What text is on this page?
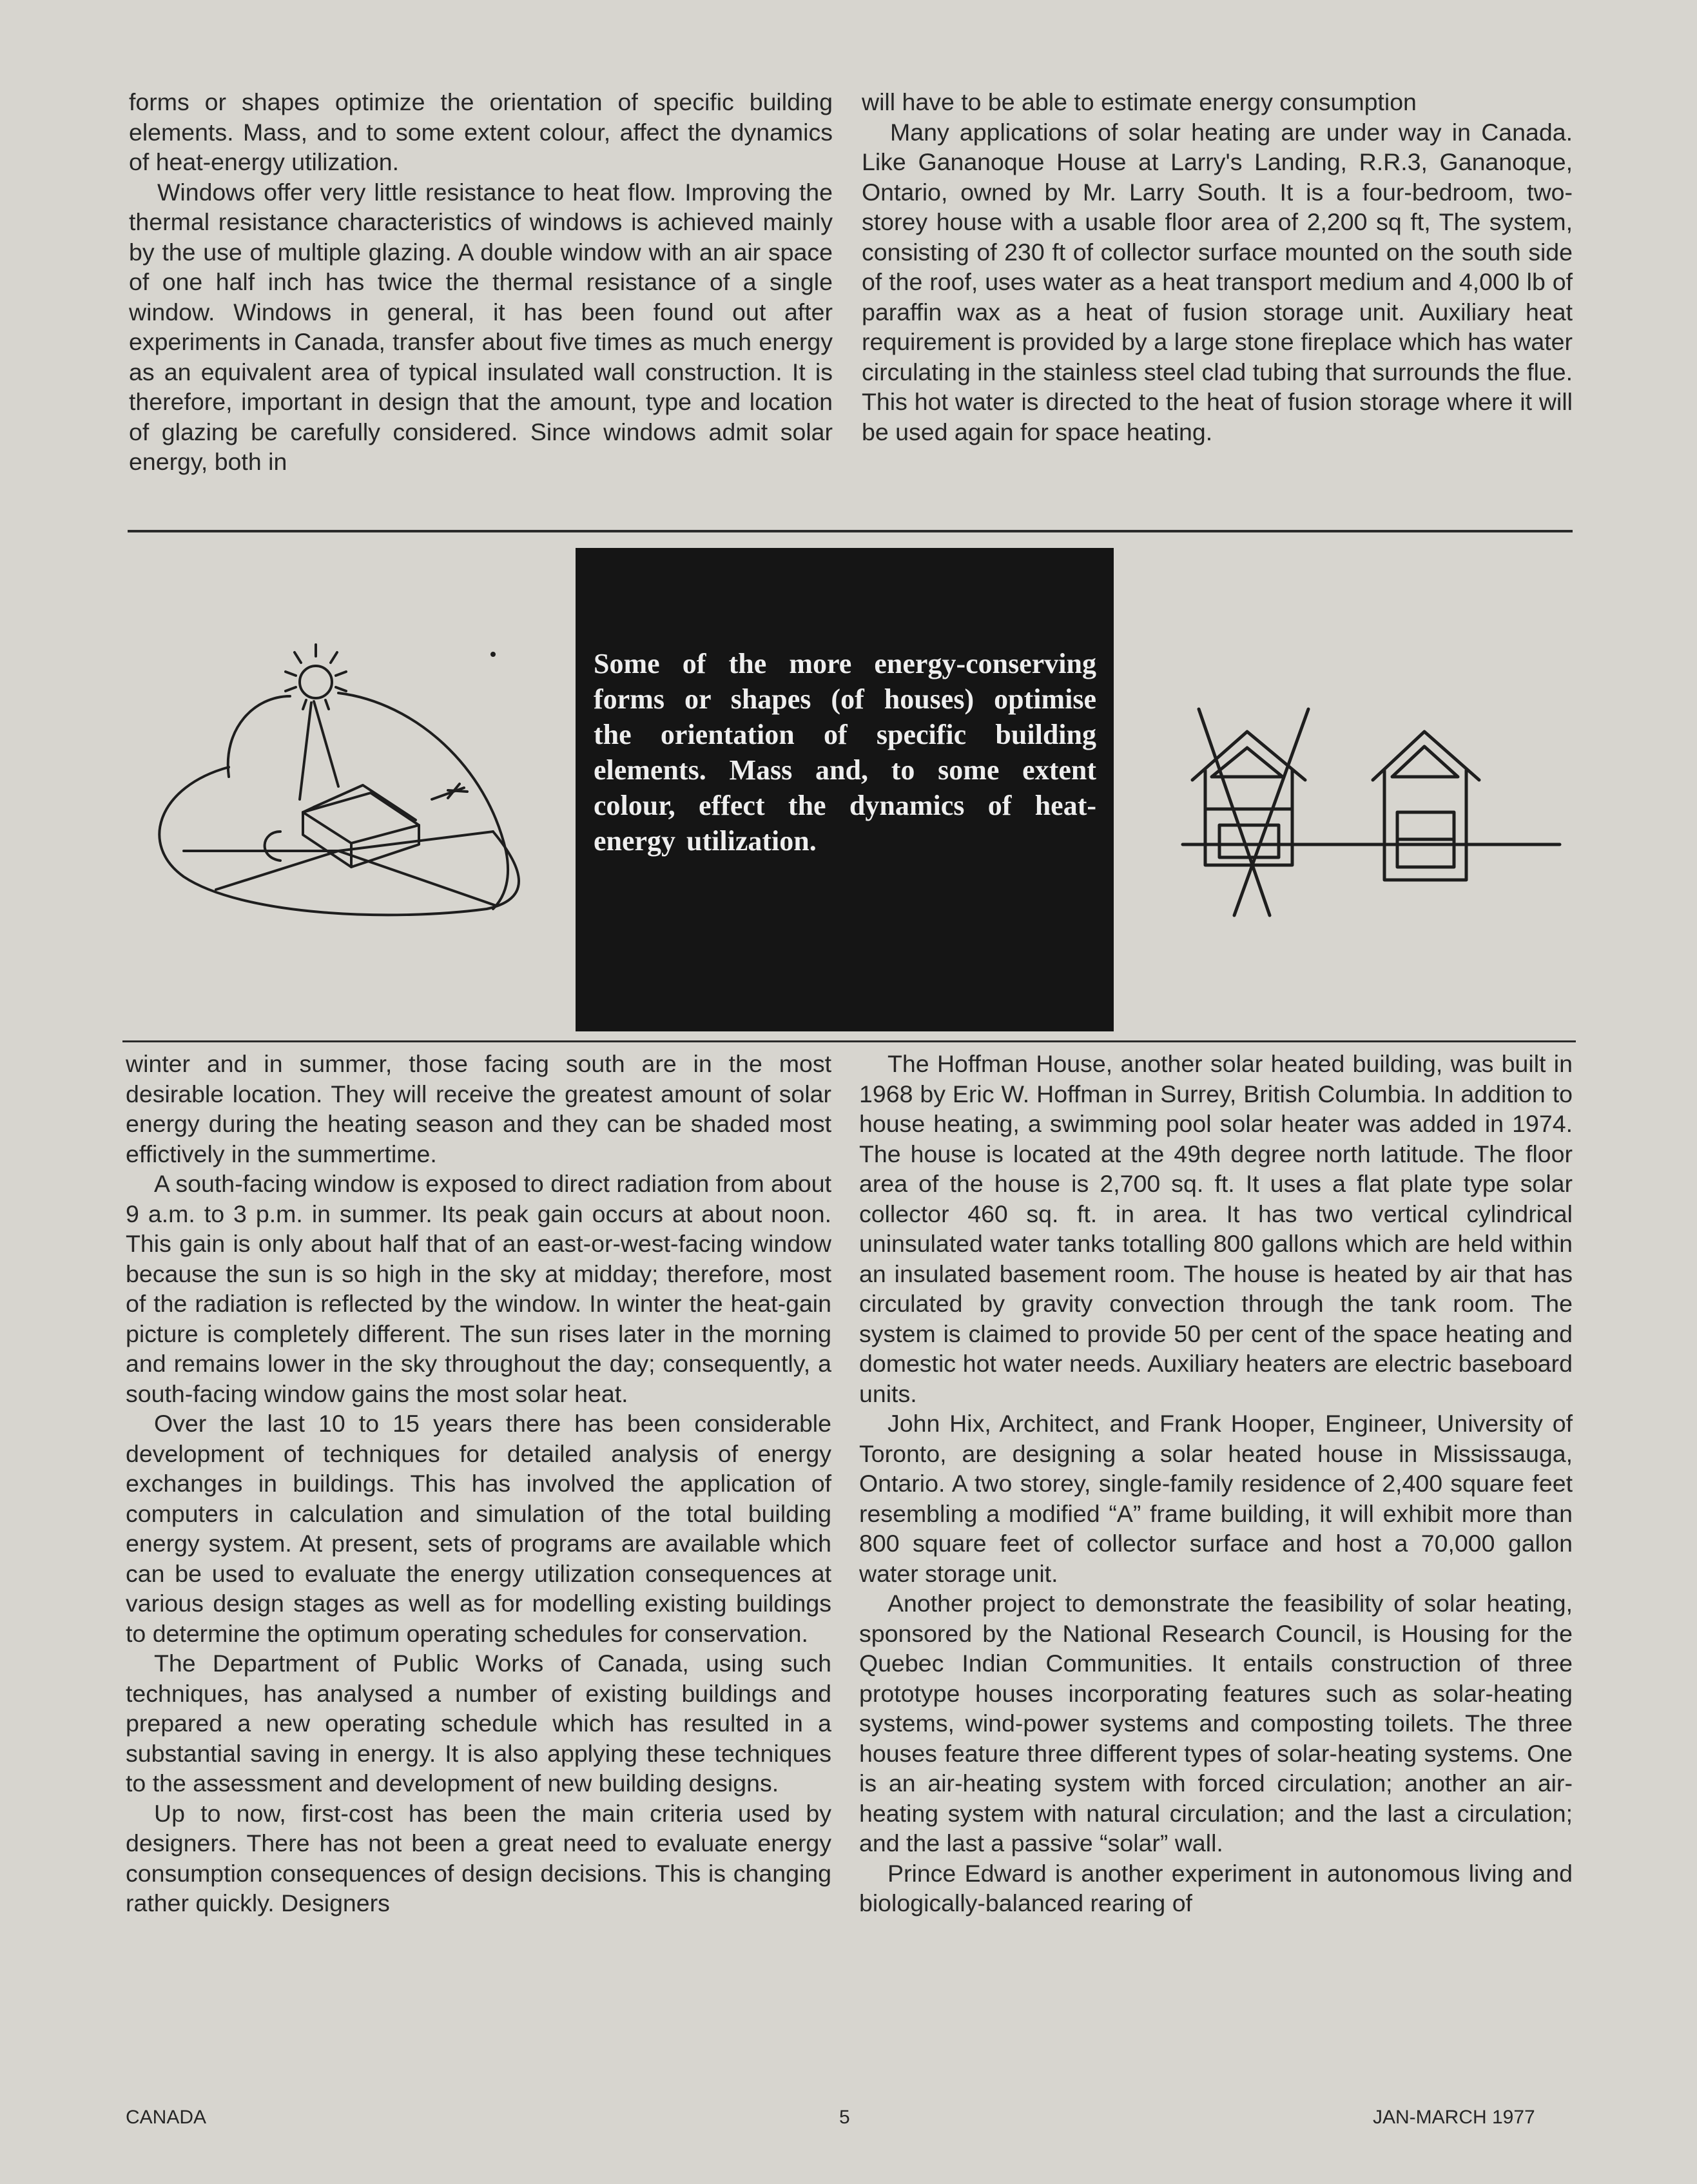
forms or shapes optimize the orientation of specific building elements. Mass, and to some extent colour, affect the dynamics of heat-energy utilization.

Windows offer very little resistance to heat flow. Improving the thermal resistance characteristics of windows is achieved mainly by the use of multiple glazing. A double window with an air space of one half inch has twice the thermal resistance of a single window. Windows in general, it has been found out after experiments in Canada, transfer about five times as much energy as an equivalent area of typical insulated wall construction. It is therefore, important in design that the amount, type and location of glazing be carefully considered. Since windows admit solar energy, both in

will have to be able to estimate energy consumption

Many applications of solar heating are under way in Canada. Like Gananoque House at Larry's Landing, R.R.3, Gananoque, Ontario, owned by Mr. Larry South. It is a four-bedroom, two-storey house with a usable floor area of 2,200 sq ft, The system, consisting of 230 ft of collector surface mounted on the south side of the roof, uses water as a heat transport medium and 4,000 lb of paraffin wax as a heat of fusion storage unit. Auxiliary heat requirement is provided by a large stone fireplace which has water circulating in the stainless steel clad tubing that surrounds the flue. This hot water is directed to the heat of fusion storage where it will be used again for space heating.

Some of the more energy-conserving forms or shapes (of houses) optimise the orientation of specific building elements. Mass and, to some extent colour, effect the dynamics of heat-energy utilization.

winter and in summer, those facing south are in the most desirable location. They will receive the greatest amount of solar energy during the heating season and they can be shaded most effictively in the summertime.

A south-facing window is exposed to direct radiation from about 9 a.m. to 3 p.m. in summer. Its peak gain occurs at about noon. This gain is only about half that of an east-or-west-facing window because the sun is so high in the sky at midday; therefore, most of the radiation is reflected by the window. In winter the heat-gain picture is completely different. The sun rises later in the morning and remains lower in the sky throughout the day; consequently, a south-facing window gains the most solar heat.

Over the last 10 to 15 years there has been considerable development of techniques for detailed analysis of energy exchanges in buildings. This has involved the application of computers in calculation and simulation of the total building energy system. At present, sets of programs are available which can be used to evaluate the energy utilization consequences at various design stages as well as for modelling existing buildings to determine the optimum operating schedules for conservation.

The Department of Public Works of Canada, using such techniques, has analysed a number of existing buildings and prepared a new operating schedule which has resulted in a substantial saving in energy. It is also applying these techniques to the assessment and development of new building designs.

Up to now, first-cost has been the main criteria used by designers. There has not been a great need to evaluate energy consumption consequences of design decisions. This is changing rather quickly. Designers

The Hoffman House, another solar heated building, was built in 1968 by Eric W. Hoffman in Surrey, British Columbia. In addition to house heating, a swimming pool solar heater was added in 1974. The house is located at the 49th degree north latitude. The floor area of the house is 2,700 sq. ft. It uses a flat plate type solar collector 460 sq. ft. in area. It has two vertical cylindrical uninsulated water tanks totalling 800 gallons which are held within an insulated basement room. The house is heated by air that has circulated by gravity convection through the tank room. The system is claimed to provide 50 per cent of the space heating and domestic hot water needs. Auxiliary heaters are electric baseboard units.

John Hix, Architect, and Frank Hooper, Engineer, University of Toronto, are designing a solar heated house in Mississauga, Ontario. A two storey, single-family residence of 2,400 square feet resembling a modified “A” frame building, it will exhibit more than 800 square feet of collector surface and host a 70,000 gallon water storage unit.

Another project to demonstrate the feasibility of solar heating, sponsored by the National Research Council, is Housing for the Quebec Indian Communities. It entails construction of three prototype houses incorporating features such as solar-heating systems, wind-power systems and composting toilets. The three houses feature three different types of solar-heating systems. One is an air-heating system with forced circulation; another an air-heating system with natural circulation; and the last a circulation; and the last a passive “solar” wall.

Prince Edward is another experiment in autonomous living and biologically-balanced rearing of

CANADA	5	JAN-MARCH 1977
